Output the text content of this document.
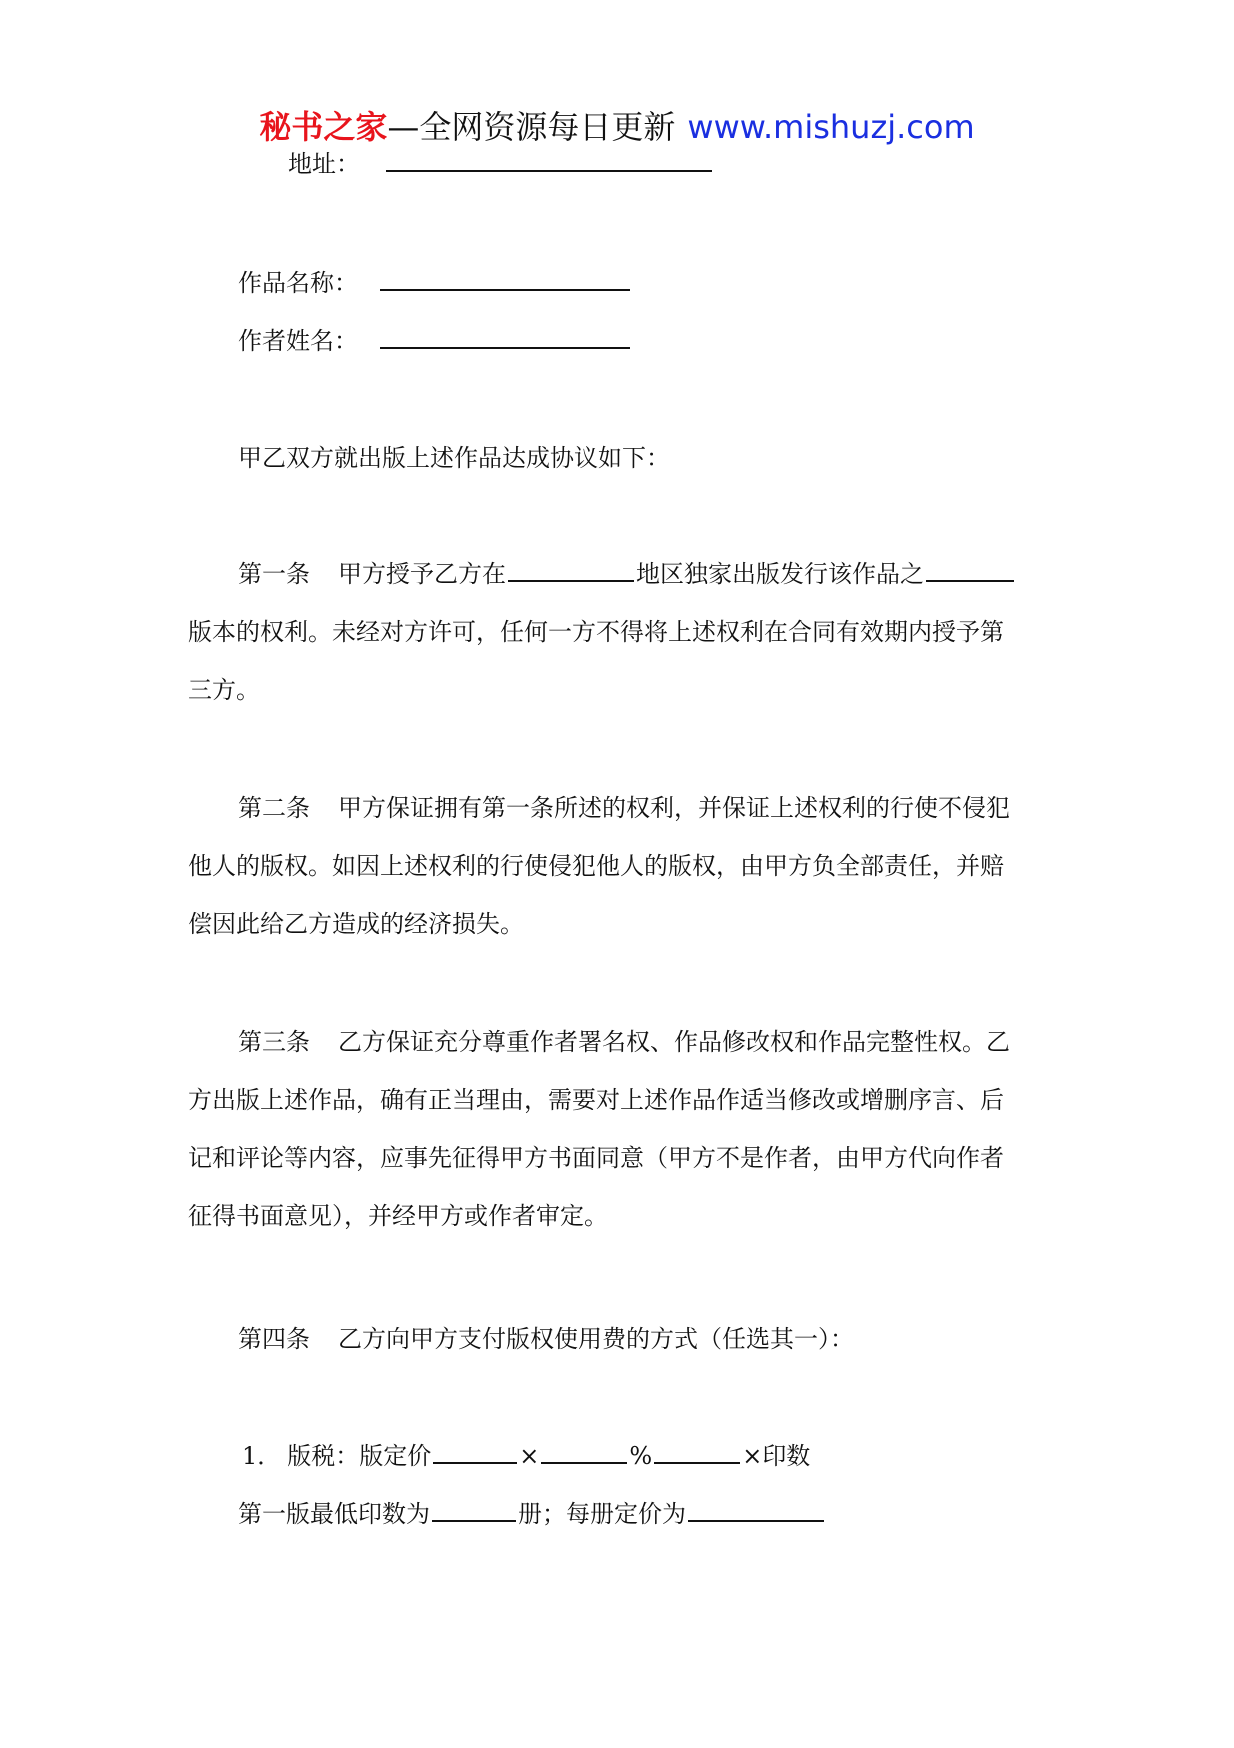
秘书之家—全网资源每日更新 www.mishuzj.com
地址：
作品名称：
作者姓名：
甲乙双方就出版上述作品达成协议如下：
第一条 甲方授予乙方在	地区独家出版发行该作品之
版本的权利。未经对方许可，任何一方不得将上述权利在合同有效期内授予第
三方。
第二条 甲方保证拥有第一条所述的权利，并保证上述权利的行使不侵犯
他人的版权。如因上述权利的行使侵犯他人的版权，由甲方负全部责任，并赔
偿因此给乙方造成的经济损失。
第三条 乙方保证充分尊重作者署名权、作品修改权和作品完整性权。乙
方出版上述作品，确有正当理由，需要对上述作品作适当修改或增删序言、后
记和评论等内容，应事先征得甲方书面同意（甲方不是作者，由甲方代向作者
征得书面意见），并经甲方或作者审定。
第四条 乙方向甲方支付版权使用费的方式（任选其一）：
1． 版税：版定价	×	%	×印数
第一版最低印数为	册；每册定价为
